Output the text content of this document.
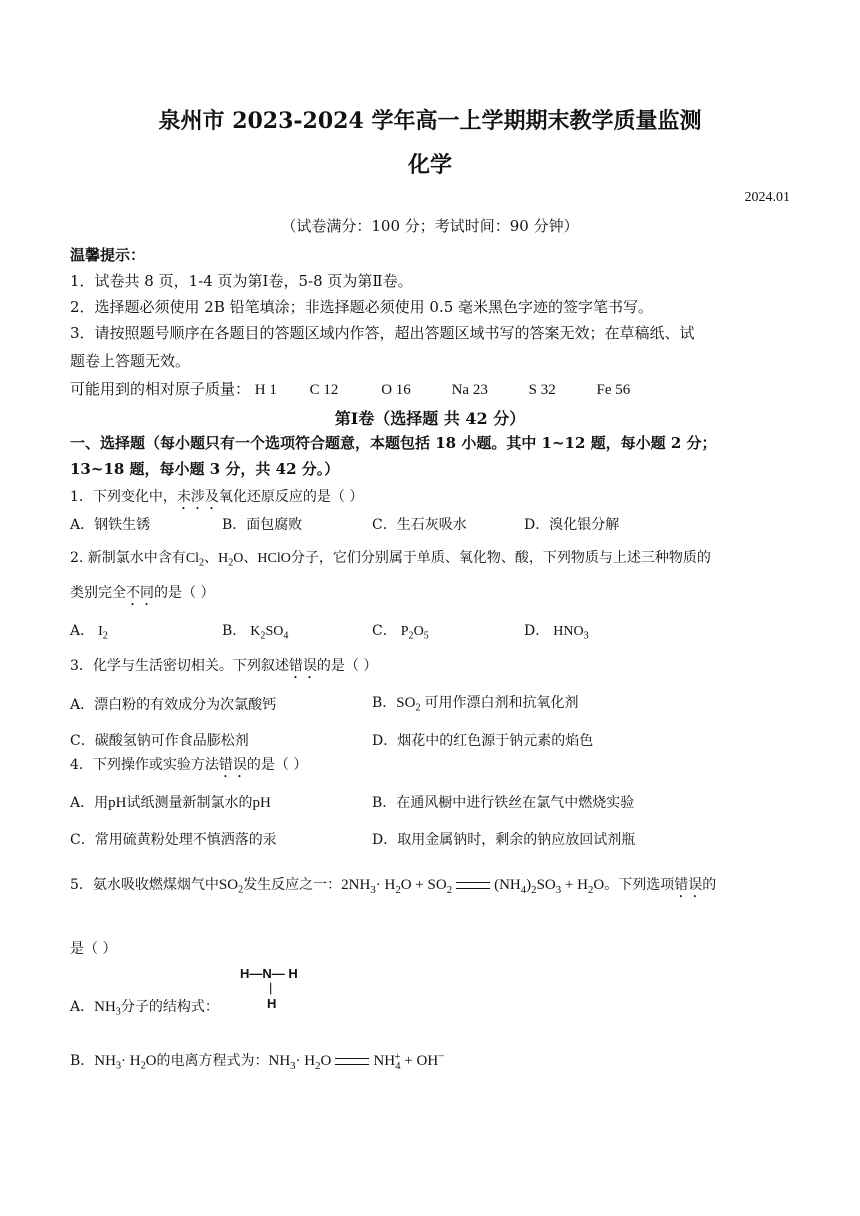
泉州市 2023-2024 学年高一上学期期末教学质量监测
化学
2024.01
（试卷满分：100 分；考试时间：90 分钟）
温馨提示：
1．试卷共 8 页，1-4 页为第Ⅰ卷，5-8 页为第Ⅱ卷。
2．选择题必须使用 2B 铅笔填涂；非选择题必须使用 0.5 毫米黑色字迹的签字笔书写。
3．请按照题号顺序在各题目的答题区域内作答，超出答题区域书写的答案无效；在草稿纸、试
题卷上答题无效。
可能用到的相对原子质量： H 1 C 12	O 16	Na 23	S 32	Fe 56
第Ⅰ卷（选择题 共 42 分）
一、选择题（每小题只有一个选项符合题意，本题包括 18 小题。其中 1~12 题，每小题 2 分；
13~18 题，每小题 3 分，共 42 分。）
1．下列变化中，未涉及氧化还原反应的是（ ）
A．钢铁生锈	B．面包腐败	C．生石灰吸水	D．溴化银分解
2. 新制氯水中含有$Cl_2$、$H_2O$、HClO分子，它们分别属于单质、氧化物、酸，下列物质与上述三种物质的
类别完全不同的是（ ）
A． $I_2$	B． $K_2SO_4$	C． $P_2O_5$	D． $HNO_3$
3．化学与生活密切相关。下列叙述错误的是（ ）
A．漂白粉的有效成分为次氯酸钙	B．$SO_2$ 可用作漂白剂和抗氧化剂
C．碳酸氢钠可作食品膨松剂	D．烟花中的红色源于钠元素的焰色
4．下列操作或实验方法错误的是（ ）
A．用pH试纸测量新制氯水的pH	B．在通风橱中进行铁丝在氯气中燃烧实验
C．常用硫黄粉处理不慎洒落的汞	D．取用金属钠时，剩余的钠应放回试剂瓶
5．氨水吸收燃煤烟气中$SO_2$发生反应之一：$2NH_3\cdot H_2O + SO_2$	$(NH_4)_2SO_3 + H_2O$。下列选项错误的
是（ ）
A．$NH_3$分子的结构式：
H—N— H
|
H
B．$NH_3\cdot H_2O$的电离方程式为：$NH_3\cdot H_2O$	$NH_4^+ + OH^-$
